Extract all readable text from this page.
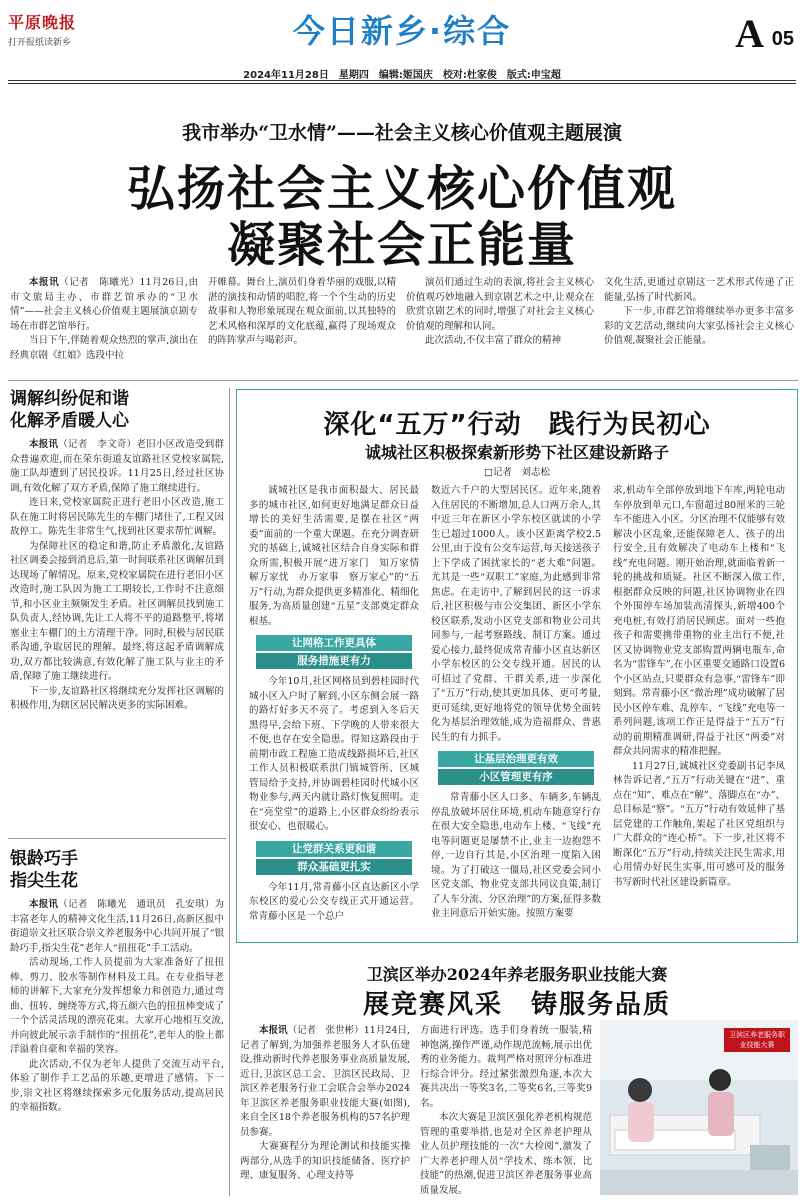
平原晚报
打开报纸读新乡	今日新乡·综合	A 05
2024年11月28日　星期四　编辑:姬国庆　校对:杜家俊　版式:申宝超
我市举办“卫水情”——社会主义核心价值观主题展演
弘扬社会主义核心价值观
凝聚社会正能量

本报讯（记者　陈曦光）11月26日,由市文旅局主办、市群艺馆承办的“卫水情”——社会主义核心价值观主题展演京剧专场在市群艺馆举行。

当日下午,伴随着观众热烈的掌声,演出在经典京剧《红娘》选段中拉

开帷幕。舞台上,演员们身着华丽的戏服,以精湛的演技和动情的唱腔,将一个个生动的历史故事和人物形象展现在观众面前,以其独特的艺术风格和深厚的文化底蕴,赢得了现场观众的阵阵掌声与喝彩声。

演员们通过生动的表演,将社会主义核心价值观巧妙地融入到京剧艺术之中,让观众在欣赏京剧艺术的同时,增强了对社会主义核心价值观的理解和认同。

此次活动,不仅丰富了群众的精神

文化生活,更通过京剧这一艺术形式传递了正能量,弘扬了时代新风。

下一步,市群艺馆将继续举办更多丰富多彩的文艺活动,继续向大家弘扬社会主义核心价值观,凝聚社会正能量。

调解纠纷促和谐
化解矛盾暖人心

本报讯（记者　李文奇）老旧小区改造受到群众普遍欢迎,而在荣东街道友谊路社区党校家属院,施工队却遭到了居民投诉。11月25日,经过社区协调,有效化解了双方矛盾,保障了施工继续进行。

连日来,党校家属院正进行老旧小区改造,施工队在施工时将居民陈先生的车棚门堵住了,工程又因故停工。陈先生非常生气,找到社区要求帮忙调解。

为保障社区的稳定和谐,防止矛盾激化,友谊路社区调委会接到消息后,第一时间联系社区调解员到达现场了解情况。原来,党校家属院在进行老旧小区改造时,施工队因为施工工期较长,工作时不注意细节,和小区业主频频发生矛盾。社区调解员找到施工队负责人,经协调,先让工人将不平的道路整平,将堵塞业主车棚门的土方清理干净。同时,积极与居民联系沟通,争取居民的理解。最终,将这起矛盾调解成功,双方都比较满意,有效化解了施工队与业主的矛盾,保障了施工继续进行。

下一步,友谊路社区将继续充分发挥社区调解的积极作用,为辖区居民解决更多的实际困难。

银龄巧手
指尖生花

本报讯（记者　陈曦光　通讯员　孔安琪）为丰富老年人的精神文化生活,11月26日,高新区报中街道崇文社区联合崇文养老服务中心共同开展了“银龄巧手,指尖生花”老年人“扭扭花”手工活动。

活动现场,工作人员提前为大家准备好了扭扭棒、剪刀、胶水等制作材料及工具。在专业指导老师的讲解下,大家充分发挥想象力和创造力,通过弯曲、扭转、缠绕等方式,将五颜六色的扭扭棒变成了一个个活灵活现的漂亮花束。大家开心地相互交流,并向彼此展示亲手制作的“扭扭花”,老年人的脸上都洋溢着自豪和幸福的笑容。

此次活动,不仅为老年人提供了交流互动平台,体验了制作手工艺品的乐趣,更增进了感情。下一步,崇文社区将继续探索多元化服务活动,提高居民的幸福指数。

深化“五万”行动　践行为民初心
诚城社区积极探索新形势下社区建设新路子
□记者　刘志松

诚城社区是我市面积最大、居民最多的城市社区,如何更好地满足群众日益增长的美好生活需要,是摆在社区“两委”面前的一个重大课题。在充分调查研究的基础上,诚城社区结合自身实际和群众所需,积极开展“进万家门　知万家情　解万家忧　办万家事　察万家心”的“五万”行动,为群众提供更多精准化、精细化服务,为高质量创建“五星”支部奠定群众根基。

让网格工作更具体
服务措施更有力

今年10月,社区网格员到碧桂园时代城小区入户时了解到,小区东侧会展一路的路灯好多天不亮了。考虑到入冬后天黑得早,会给下班、下学晚的人带来很大不便,也存在安全隐患。得知这路段由于前期市政工程施工造成线路损坏后,社区工作人员积极联系洪门镇城管所、区城管局给予支持,并协调碧桂园时代城小区物业参与,两天内就让路灯恢复照明。走在“亮堂堂”的道路上,小区群众纷纷表示很安心、也很暖心。

让党群关系更和谐
群众基础更扎实

今年11月,常青藤小区直达新区小学东校区的爱心公交专线正式开通运营。常青藤小区是一个总户

数近六千户的大型居民区。近年来,随着入住居民的不断增加,总人口两万余人,其中近三年在新区小学东校区就读的小学生已超过1000人。该小区距离学校2.5公里,由于没有公交车运营,每天接送孩子上下学成了困扰家长的“老大难”问题。尤其是一些“双职工”家庭,为此感到非常焦虑。在走访中,了解到居民的这一诉求后,社区积极与市公交集团、新区小学东校区联系,发动小区党支部和物业公司共同参与,一起考察路线、制订方案。通过爱心接力,最终促成常青藤小区直达新区小学东校区的公交专线开通。居民的认可招过了党群、干群关系,进一步深化了“五万”行动,使其更加具体、更可考量,更可延续,更好地将党的领导优势全面转化为基层治理效能,成为造福群众、普惠民生的有力抓手。

让基层治理更有效
小区管理更有序

常青藤小区人口多、车辆多,车辆乱停乱放破坏居住环境,机动车随意穿行存在很大安全隐患,电动车上楼、“飞线”充电等问题更是屡禁不止,业主一边抱怨不停,一边自行其是,小区治理一度陷入困境。为了打破这一僵局,社区党委会同小区党支部、物业党支部共同议良策,制订了人车分流、分区治理”的方案,征得多数业主同意后开始实施。按照方案要

求,机动车全部停放到地下车库,两轮电动车停放到单元口,车窗超过80厘米的三轮车不能进入小区。分区治理不仅能够有效解决小区乱象,还能保障老人、孩子的出行安全,且有效解决了电动车上楼和“飞线”充电问题。刚开始治理,就面临着新一轮的挑战和质疑。社区不断深入做工作,根据群众反映的问题,社区协调物业在四个外围停车场加装高清探头,新增400个充电桩,有效打消居民顾虑。面对一些抱孩子和需要携带重物的业主出行不便,社区又协调物业党支部购置两辆电瓶车,命名为“雷锋车”,在小区重要交通路口设置6个小区站点,只要群众有急事,“雷锋车”即刻到。常青藤小区“微治理”成功破解了居民小区停车难、乱停车、“飞线”充电等一系列问题,该项工作正是得益于“五万”行动的前期精准调研,得益于社区“两委”对群众共同需求的精准把握。

11月27日,诚城社区党委副书记李凤林告诉记者,“五万”行动关键在“进”、重点在“知”、难点在“解”、落脚点在“办”、总目标是“察”。“五万”行动有效延伸了基层党建的工作触角,架起了社区党组织与广大群众的“连心桥”。下一步,社区将不断深化“五万”行动,持续关注民生需求,用心用情办好民生实事,用可感可及的服务书写新时代社区建设新篇章。

卫滨区举办2024年养老服务职业技能大赛
展竞赛风采　铸服务品质

本报讯（记者　张世彬）11月24日,记者了解到,为加强养老服务人才队伍建设,推动新时代养老服务事业高质量发展,近日,卫滨区总工会、卫滨区民政局、卫滨区养老服务行业工会联合会举办2024年卫滨区养老服务职业技能大赛(如图),来自全区18个养老服务机构的57名护理员参赛。

大赛赛程分为理论测试和技能实操两部分,从选手的知识技能储备、医疗护理、康复服务、心理支持等

方面进行评选。选手们身着统一服装,精神饱满,操作严谨,动作规范流畅,展示出优秀的业务能力。裁判严格对照评分标准进行综合评分。经过紧张激烈角逐,本次大赛共决出一等奖3名,二等奖6名,三等奖9名。

本次大赛是卫滨区强化养老机构规范管理的重要举措,也是对全区养老护理从业人员护理技能的一次“大检阅”,激发了广大养老护理人员“学技术、练本领、比技能”的热潮,促进卫滨区养老服务事业高质量发展。

卫滨区养老服务职业技能大赛
